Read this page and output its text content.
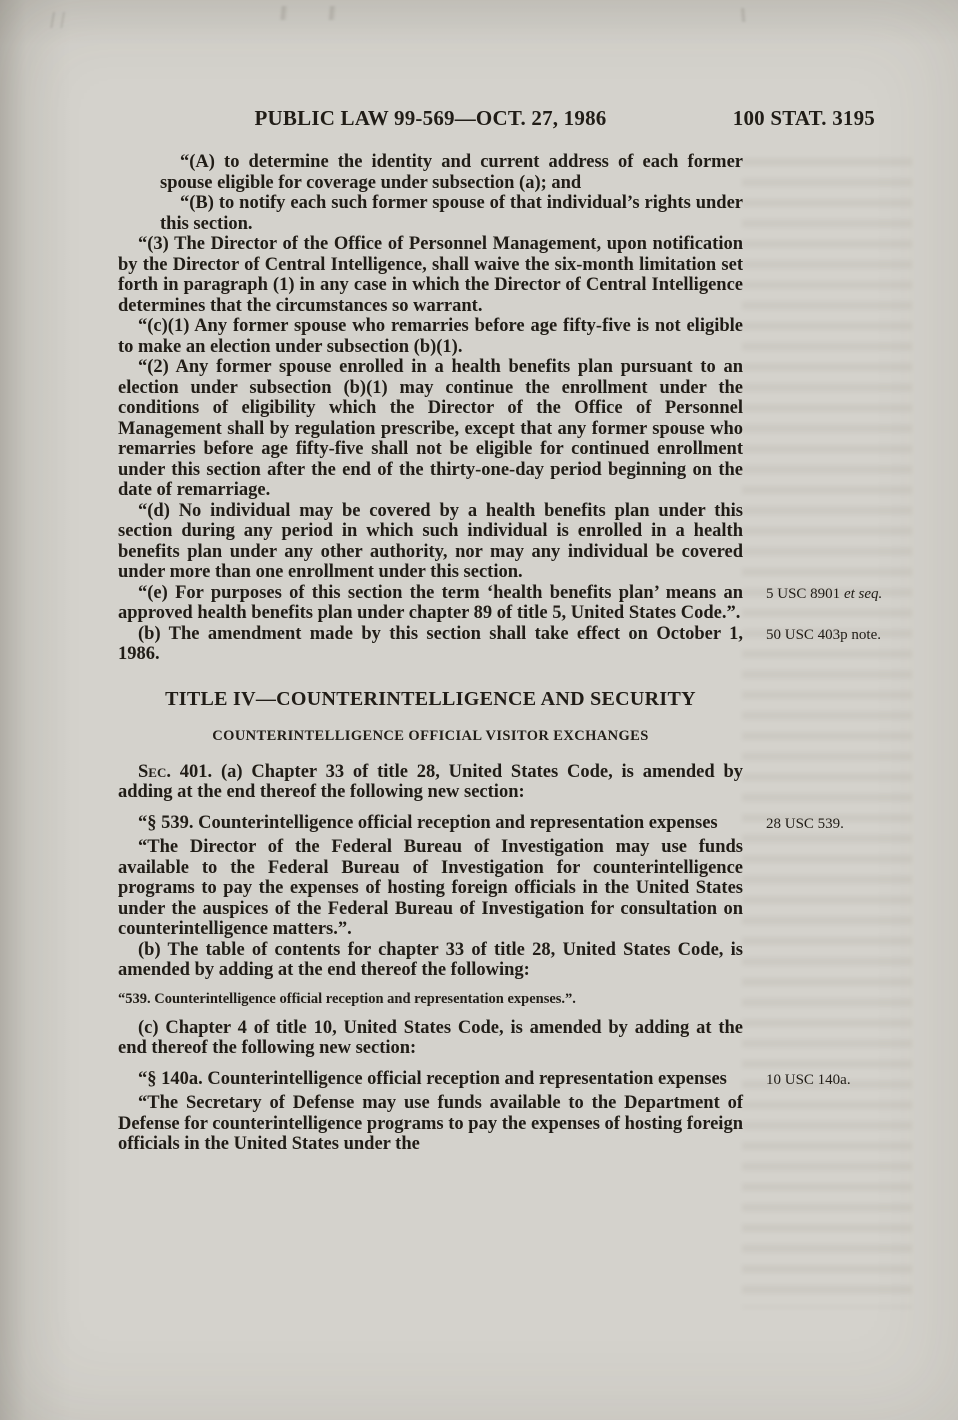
PUBLIC LAW 99-569—OCT. 27, 1986	100 STAT. 3195

“(A) to determine the identity and current address of each former spouse eligible for coverage under subsection (a); and

“(B) to notify each such former spouse of that individual’s rights under this section.

“(3) The Director of the Office of Personnel Management, upon notification by the Director of Central Intelligence, shall waive the six-month limitation set forth in paragraph (1) in any case in which the Director of Central Intelligence determines that the circumstances so warrant.

“(c)(1) Any former spouse who remarries before age fifty-five is not eligible to make an election under subsection (b)(1).

“(2) Any former spouse enrolled in a health benefits plan pursuant to an election under subsection (b)(1) may continue the enrollment under the conditions of eligibility which the Director of the Office of Personnel Management shall by regulation prescribe, except that any former spouse who remarries before age fifty-five shall not be eligible for continued enrollment under this section after the end of the thirty-one-day period beginning on the date of remarriage.

“(d) No individual may be covered by a health benefits plan under this section during any period in which such individual is enrolled in a health benefits plan under any other authority, nor may any individual be covered under more than one enrollment under this section.

“(e) For purposes of this section the term ‘health benefits plan’ means an approved health benefits plan under chapter 89 of title 5, United States Code.”.
5 USC 8901 et seq.

(b) The amendment made by this section shall take effect on October 1, 1986.
50 USC 403p note.

TITLE IV—COUNTERINTELLIGENCE AND SECURITY

COUNTERINTELLIGENCE OFFICIAL VISITOR EXCHANGES

Sec. 401. (a) Chapter 33 of title 28, United States Code, is amended by adding at the end thereof the following new section:

“§ 539. Counterintelligence official reception and representation expenses	28 USC 539.

“The Director of the Federal Bureau of Investigation may use funds available to the Federal Bureau of Investigation for counterintelligence programs to pay the expenses of hosting foreign officials in the United States under the auspices of the Federal Bureau of Investigation for consultation on counterintelligence matters.”.

(b) The table of contents for chapter 33 of title 28, United States Code, is amended by adding at the end thereof the following:

“539. Counterintelligence official reception and representation expenses.”.

(c) Chapter 4 of title 10, United States Code, is amended by adding at the end thereof the following new section:

“§ 140a. Counterintelligence official reception and representation expenses	10 USC 140a.

“The Secretary of Defense may use funds available to the Department of Defense for counterintelligence programs to pay the expenses of hosting foreign officials in the United States under the
